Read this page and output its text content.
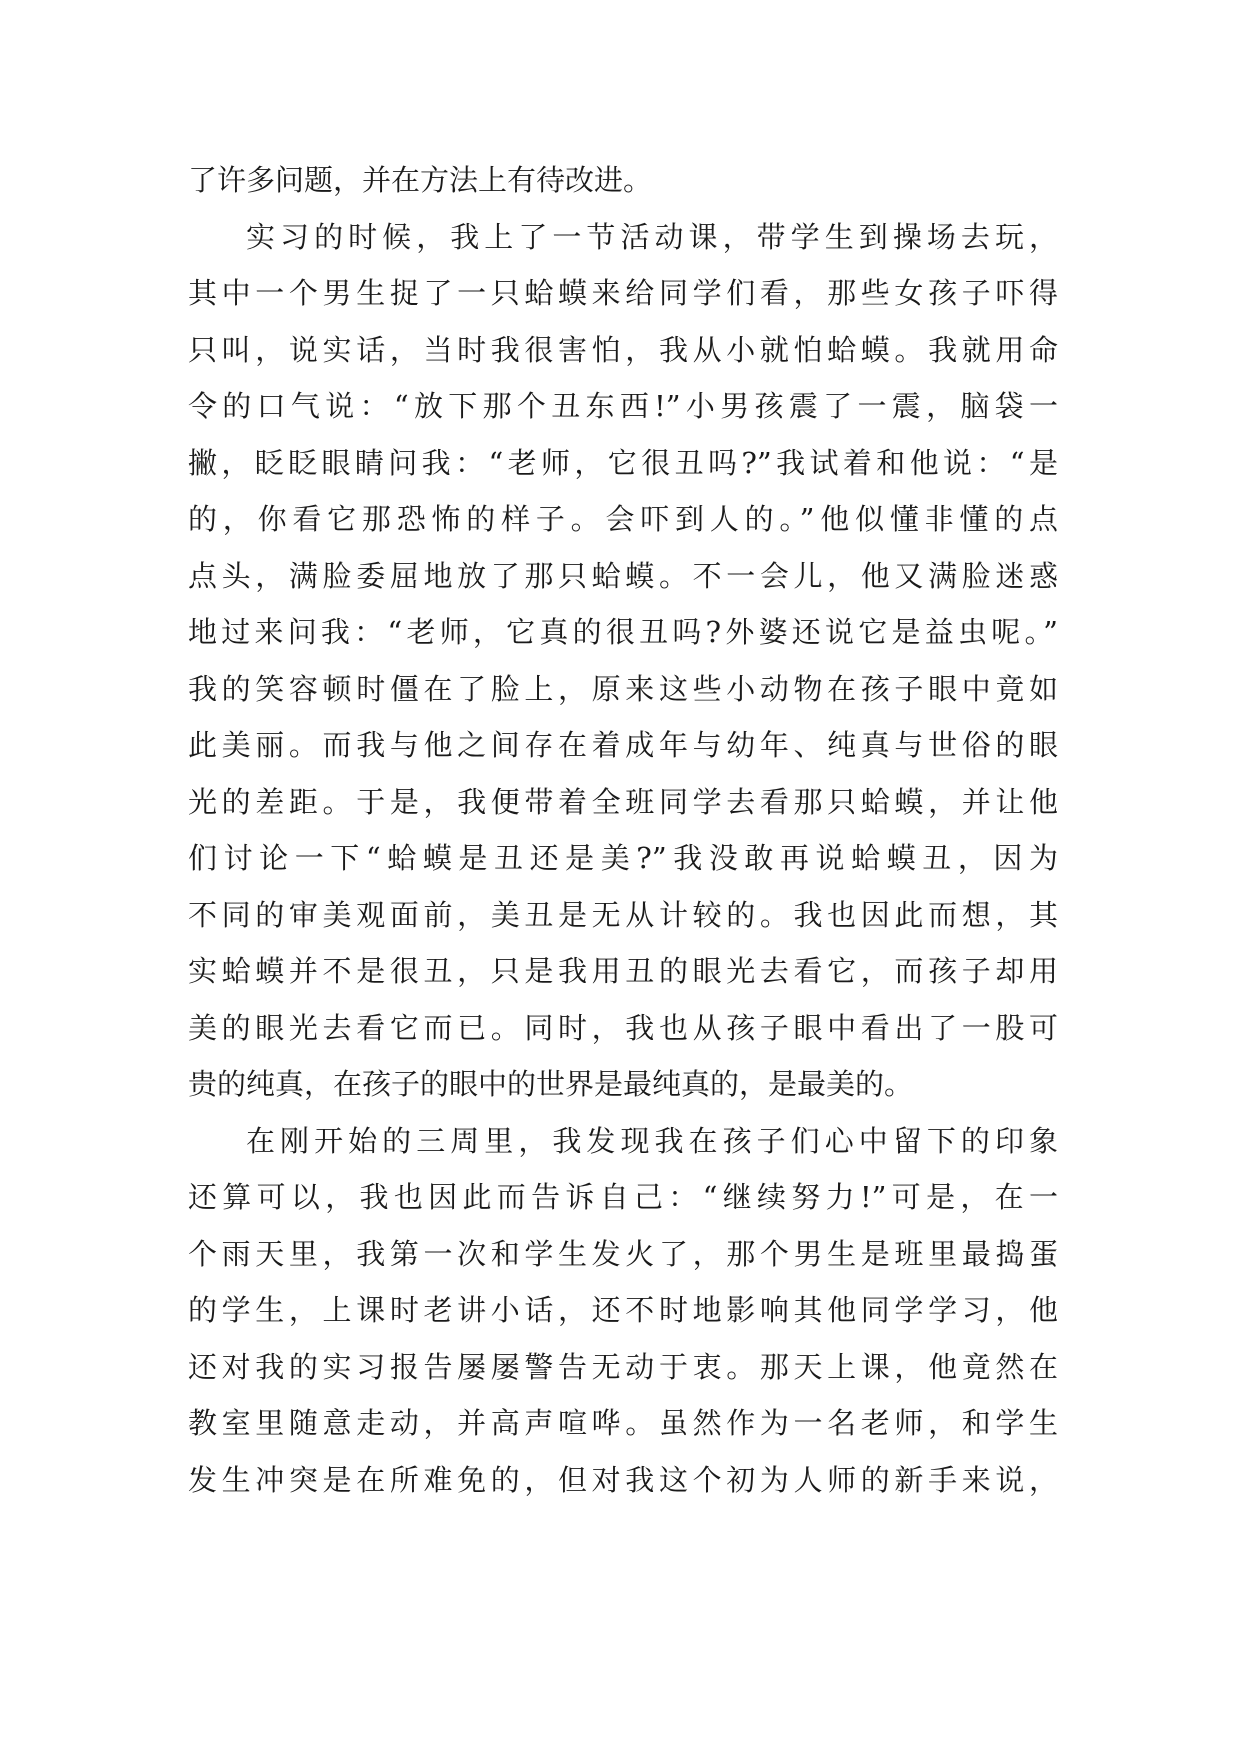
了许多问题，并在方法上有待改进。
实习的时候，我上了一节活动课，带学生到操场去玩，
其中一个男生捉了一只蛤蟆来给同学们看，那些女孩子吓得
只叫，说实话，当时我很害怕，我从小就怕蛤蟆。我就用命
令的口气说：“放下那个丑东西!”小男孩震了一震，脑袋一
撇，眨眨眼睛问我：“老师，它很丑吗?”我试着和他说：“是
的，你看它那恐怖的样子。会吓到人的。”他似懂非懂的点
点头，满脸委屈地放了那只蛤蟆。不一会儿，他又满脸迷惑
地过来问我：“老师，它真的很丑吗?外婆还说它是益虫呢。”
我的笑容顿时僵在了脸上，原来这些小动物在孩子眼中竟如
此美丽。而我与他之间存在着成年与幼年、纯真与世俗的眼
光的差距。于是，我便带着全班同学去看那只蛤蟆，并让他
们讨论一下“蛤蟆是丑还是美?”我没敢再说蛤蟆丑，因为
不同的审美观面前，美丑是无从计较的。我也因此而想，其
实蛤蟆并不是很丑，只是我用丑的眼光去看它，而孩子却用
美的眼光去看它而已。同时，我也从孩子眼中看出了一股可
贵的纯真，在孩子的眼中的世界是最纯真的，是最美的。
在刚开始的三周里，我发现我在孩子们心中留下的印象
还算可以，我也因此而告诉自己：“继续努力!”可是，在一
个雨天里，我第一次和学生发火了，那个男生是班里最捣蛋
的学生，上课时老讲小话，还不时地影响其他同学学习，他
还对我的实习报告屡屡警告无动于衷。那天上课，他竟然在
教室里随意走动，并高声喧哗。虽然作为一名老师，和学生
发生冲突是在所难免的，但对我这个初为人师的新手来说，
